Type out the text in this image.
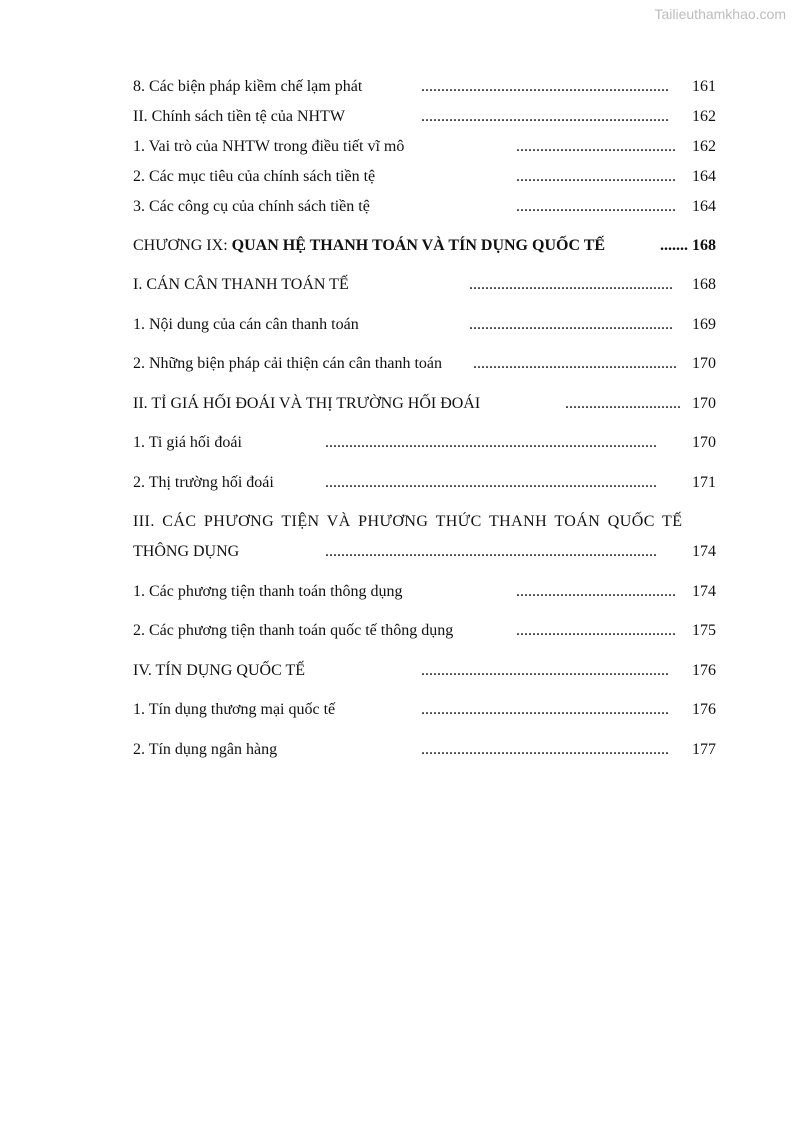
Tailieuthamkhao.com
8. Các biện pháp kiềm chế lạm phát	..............................................................	161
II. Chính sách tiền tệ của NHTW	..............................................................	162
1. Vai trò của NHTW trong điều tiết vĩ mô	........................................	162
2. Các mục tiêu của chính sách tiền tệ	........................................	164
3. Các công cụ của chính sách tiền tệ	........................................	164
CHƯƠNG IX: QUAN HỆ THANH TOÁN VÀ TÍN DỤNG QUỐC TẾ	....... 168
I. CÁN CÂN THANH TOÁN TẾ	...................................................	168
1. Nội dung của cán cân thanh toán	...................................................	169
2. Những biện pháp cải thiện cán cân thanh toán ................................................... 170
II. TỈ GIÁ HỐI ĐOÁI VÀ THỊ TRƯỜNG HỐI ĐOÁI	............................. 170
1. Ti giá hối đoái	...................................................................................	170
2. Thị trường hối đoái	...................................................................................	171
III. CÁC PHƯƠNG TIỆN VÀ PHƯƠNG THỨC THANH TOÁN QUỐC TẾ
THÔNG DỤNG	...................................................................................	174
1. Các phương tiện thanh toán thông dụng	........................................	174
2. Các phương tiện thanh toán quốc tế thông dụng	........................................	175
IV. TÍN DỤNG QUỐC TẾ	..............................................................	176
1. Tín dụng thương mại quốc tế	..............................................................	176
2. Tín dụng ngân hàng	..............................................................	177
